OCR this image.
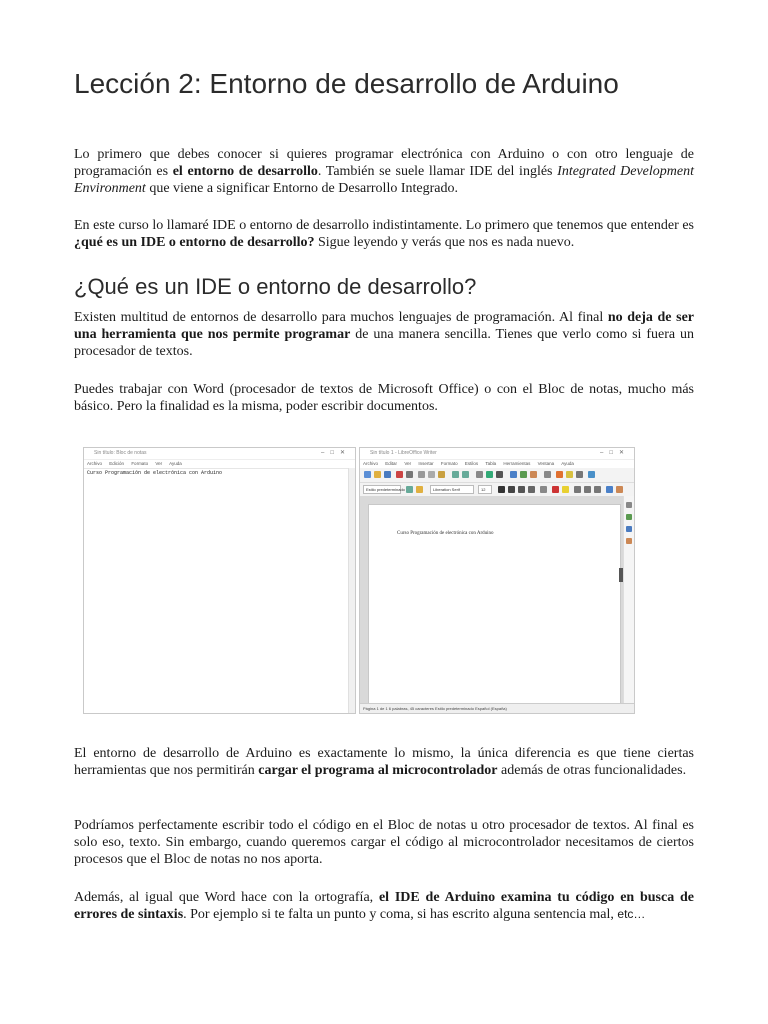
Lección 2: Entorno de desarrollo de Arduino

Lo primero que debes conocer si quieres programar electrónica con Arduino o con otro lenguaje de programación es el entorno de desarrollo. También se suele llamar IDE del inglés Integrated Development Environment que viene a significar Entorno de Desarrollo Integrado.

En este curso lo llamaré IDE o entorno de desarrollo indistintamente. Lo primero que tenemos que entender es ¿qué es un IDE o entorno de desarrollo? Sigue leyendo y verás que nos es nada nuevo.

¿Qué es un IDE o entorno de desarrollo?

Existen multitud de entornos de desarrollo para muchos lenguajes de programación. Al final no deja de ser una herramienta que nos permite programar de una manera sencilla. Tienes que verlo como si fuera un procesador de textos.

Puedes trabajar con Word (procesador de textos de Microsoft Office) o con el Bloc de notas, mucho más básico. Pero la finalidad es la misma, poder escribir documentos.

El entorno de desarrollo de Arduino es exactamente lo mismo, la única diferencia es que tiene ciertas herramientas que nos permitirán cargar el programa al microcontrolador además de otras funcionalidades.

Podríamos perfectamente escribir todo el código en el Bloc de notas u otro procesador de textos. Al final es solo eso, texto. Sin embargo, cuando queremos cargar el código al microcontrolador necesitamos de ciertos procesos que el Bloc de notas no nos aporta.

Además, al igual que Word hace con la ortografía, el IDE de Arduino examina tu código en busca de errores de sintaxis. Por ejemplo si te falta un punto y coma, si has escrito alguna sentencia mal, etc…

Sin título: Bloc de notas	–□✕
Archivo Edición Formato Ver Ayuda
Curso Programación de electrónica con Arduino
Sin título 1 - LibreOffice Writer	–□✕
Archivo Editar Ver Insertar Formato Estilos Tabla Herramientas Ventana Ayuda
Estilo predeterminado	Liberation Serif	12
Curso Programación de electrónica con Arduino
Página 1 de 1 6 palabras, 45 caracteres Estilo predeterminado Español (España)
